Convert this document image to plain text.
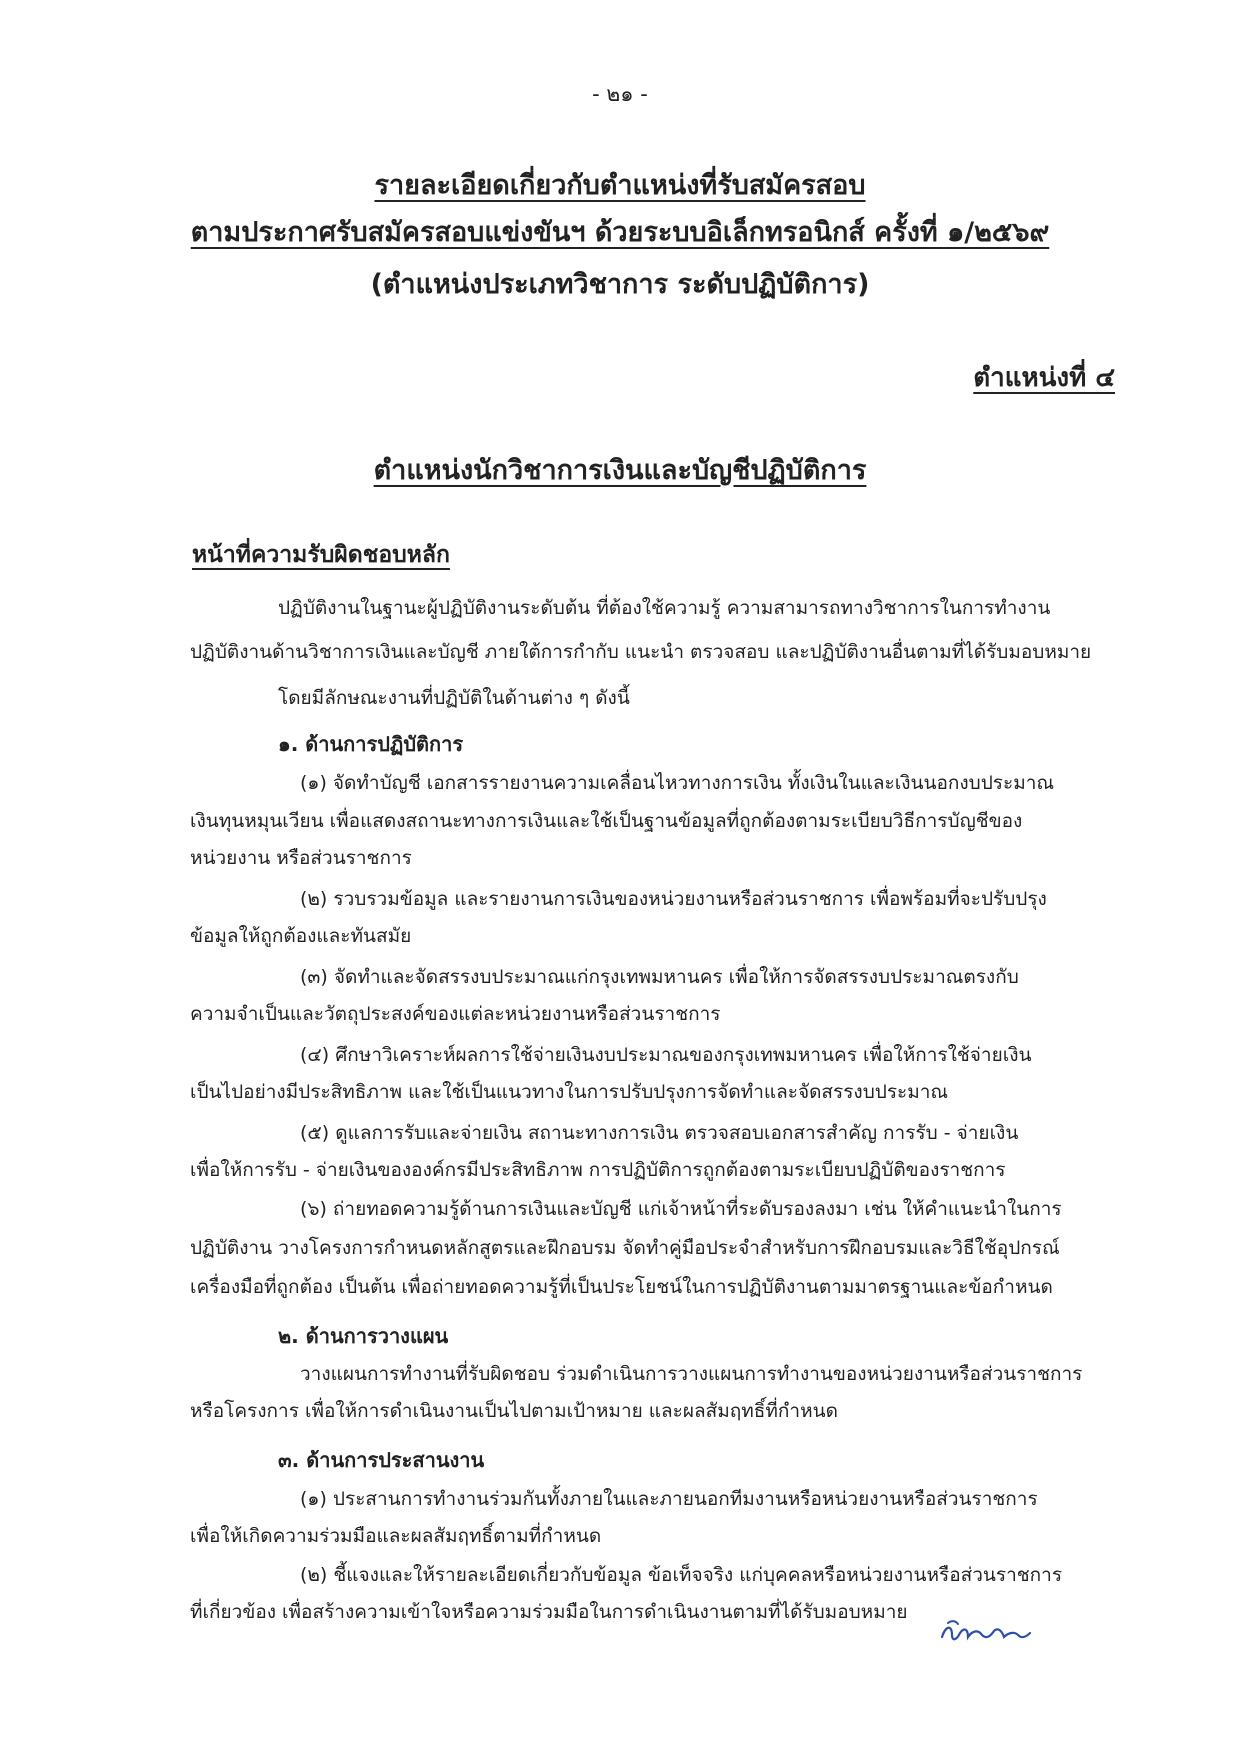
- ๒๑ -
รายละเอียดเกี่ยวกับตำแหน่งที่รับสมัครสอบ
ตามประกาศรับสมัครสอบแข่งขันฯ ด้วยระบบอิเล็กทรอนิกส์ ครั้งที่ ๑/๒๕๖๙
(ตำแหน่งประเภทวิชาการ ระดับปฏิบัติการ)
ตำแหน่งที่ ๔
ตำแหน่งนักวิชาการเงินและบัญชีปฏิบัติการ
หน้าที่ความรับผิดชอบหลัก
ปฏิบัติงานในฐานะผู้ปฏิบัติงานระดับต้น ที่ต้องใช้ความรู้ ความสามารถทางวิชาการในการทำงาน
ปฏิบัติงานด้านวิชาการเงินและบัญชี ภายใต้การกำกับ แนะนำ ตรวจสอบ และปฏิบัติงานอื่นตามที่ได้รับมอบหมาย
โดยมีลักษณะงานที่ปฏิบัติในด้านต่าง ๆ ดังนี้
๑. ด้านการปฏิบัติการ
(๑) จัดทำบัญชี เอกสารรายงานความเคลื่อนไหวทางการเงิน ทั้งเงินในและเงินนอกงบประมาณ
เงินทุนหมุนเวียน เพื่อแสดงสถานะทางการเงินและใช้เป็นฐานข้อมูลที่ถูกต้องตามระเบียบวิธีการบัญชีของ
หน่วยงาน หรือส่วนราชการ
(๒) รวบรวมข้อมูล และรายงานการเงินของหน่วยงานหรือส่วนราชการ เพื่อพร้อมที่จะปรับปรุง
ข้อมูลให้ถูกต้องและทันสมัย
(๓) จัดทำและจัดสรรงบประมาณแก่กรุงเทพมหานคร เพื่อให้การจัดสรรงบประมาณตรงกับ
ความจำเป็นและวัตถุประสงค์ของแต่ละหน่วยงานหรือส่วนราชการ
(๔) ศึกษาวิเคราะห์ผลการใช้จ่ายเงินงบประมาณของกรุงเทพมหานคร เพื่อให้การใช้จ่ายเงิน
เป็นไปอย่างมีประสิทธิภาพ และใช้เป็นแนวทางในการปรับปรุงการจัดทำและจัดสรรงบประมาณ
(๕) ดูแลการรับและจ่ายเงิน สถานะทางการเงิน ตรวจสอบเอกสารสำคัญ การรับ - จ่ายเงิน
เพื่อให้การรับ - จ่ายเงินขององค์กรมีประสิทธิภาพ การปฏิบัติการถูกต้องตามระเบียบปฏิบัติของราชการ
(๖) ถ่ายทอดความรู้ด้านการเงินและบัญชี แก่เจ้าหน้าที่ระดับรองลงมา เช่น ให้คำแนะนำในการ
ปฏิบัติงาน วางโครงการกำหนดหลักสูตรและฝึกอบรม จัดทำคู่มือประจำสำหรับการฝึกอบรมและวิธีใช้อุปกรณ์
เครื่องมือที่ถูกต้อง เป็นต้น เพื่อถ่ายทอดความรู้ที่เป็นประโยชน์ในการปฏิบัติงานตามมาตรฐานและข้อกำหนด
๒. ด้านการวางแผน
วางแผนการทำงานที่รับผิดชอบ ร่วมดำเนินการวางแผนการทำงานของหน่วยงานหรือส่วนราชการ
หรือโครงการ เพื่อให้การดำเนินงานเป็นไปตามเป้าหมาย และผลสัมฤทธิ์ที่กำหนด
๓. ด้านการประสานงาน
(๑) ประสานการทำงานร่วมกันทั้งภายในและภายนอกทีมงานหรือหน่วยงานหรือส่วนราชการ
เพื่อให้เกิดความร่วมมือและผลสัมฤทธิ์ตามที่กำหนด
(๒) ชี้แจงและให้รายละเอียดเกี่ยวกับข้อมูล ข้อเท็จจริง แก่บุคคลหรือหน่วยงานหรือส่วนราชการ
ที่เกี่ยวข้อง เพื่อสร้างความเข้าใจหรือความร่วมมือในการดำเนินงานตามที่ได้รับมอบหมาย
